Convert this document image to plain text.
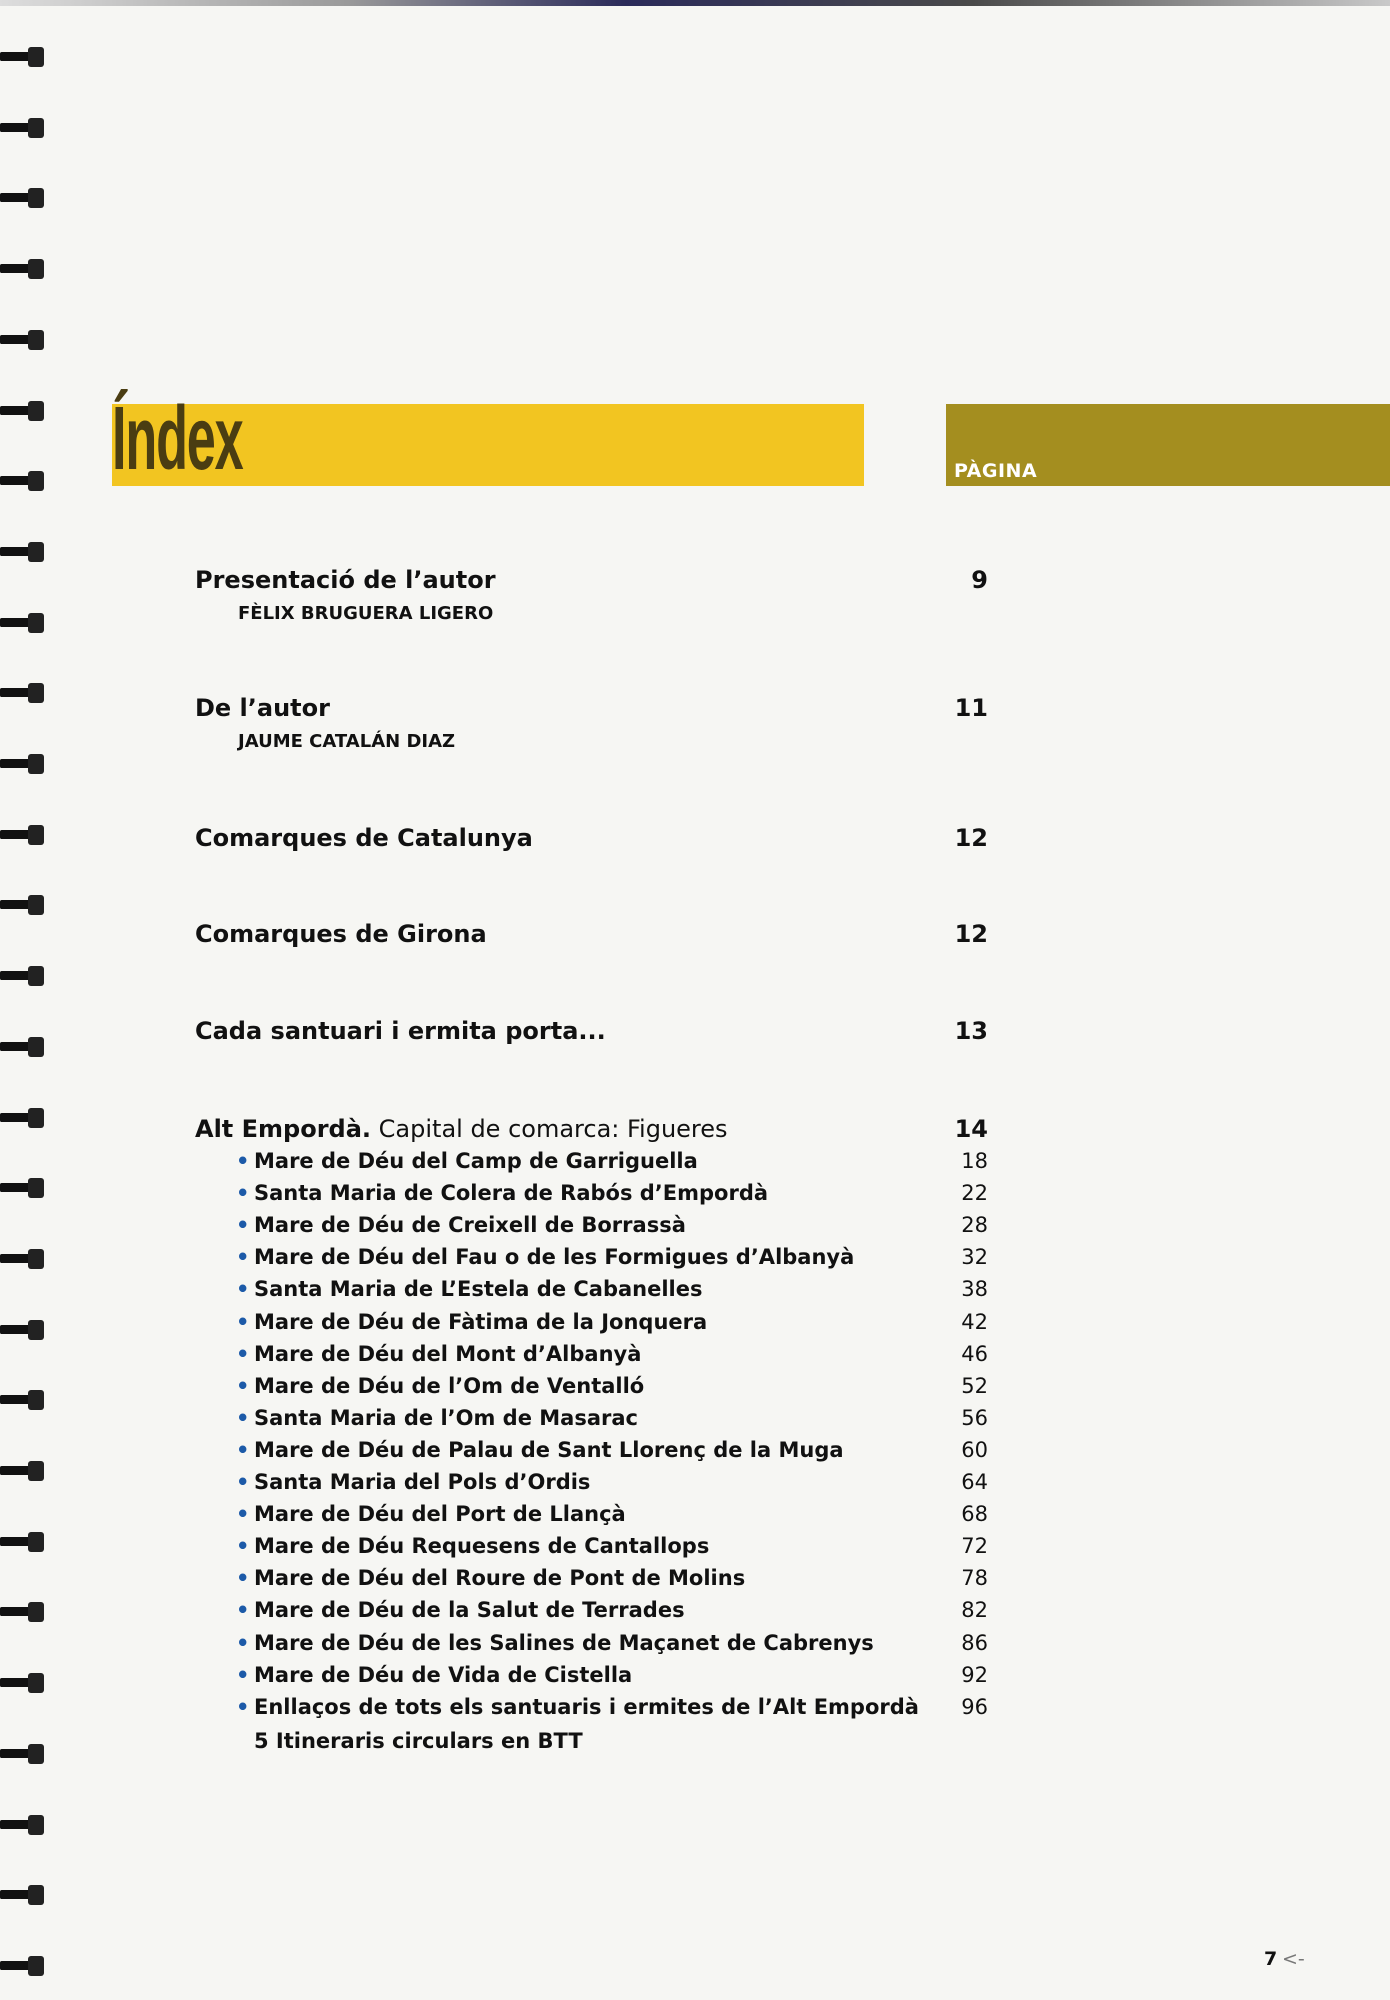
Índex	PÀGINA
Presentació de l’autor	9
FÈLIX BRUGUERA LIGERO
De l’autor	11
JAUME CATALÁN DIAZ
Comarques de Catalunya	12
Comarques de Girona	12
Cada santuari i ermita porta...	13
Alt Empordà. Capital de comarca: Figueres	14
• Mare de Déu del Camp de Garriguella	18
• Santa Maria de Colera de Rabós d’Empordà	22
• Mare de Déu de Creixell de Borrassà	28
• Mare de Déu del Fau o de les Formigues d’Albanyà	32
• Santa Maria de L’Estela de Cabanelles	38
• Mare de Déu de Fàtima de la Jonquera	42
• Mare de Déu del Mont d’Albanyà	46
• Mare de Déu de l’Om de Ventalló	52
• Santa Maria de l’Om de Masarac	56
• Mare de Déu de Palau de Sant Llorenç de la Muga	60
• Santa Maria del Pols d’Ordis	64
• Mare de Déu del Port de Llançà	68
• Mare de Déu Requesens de Cantallops	72
• Mare de Déu del Roure de Pont de Molins	78
• Mare de Déu de la Salut de Terrades	82
• Mare de Déu de les Salines de Maçanet de Cabrenys	86
• Mare de Déu de Vida de Cistella	92
• Enllaços de tots els santuaris i ermites de l’Alt Empordà	96
5 Itineraris circulars en BTT
7 <-
